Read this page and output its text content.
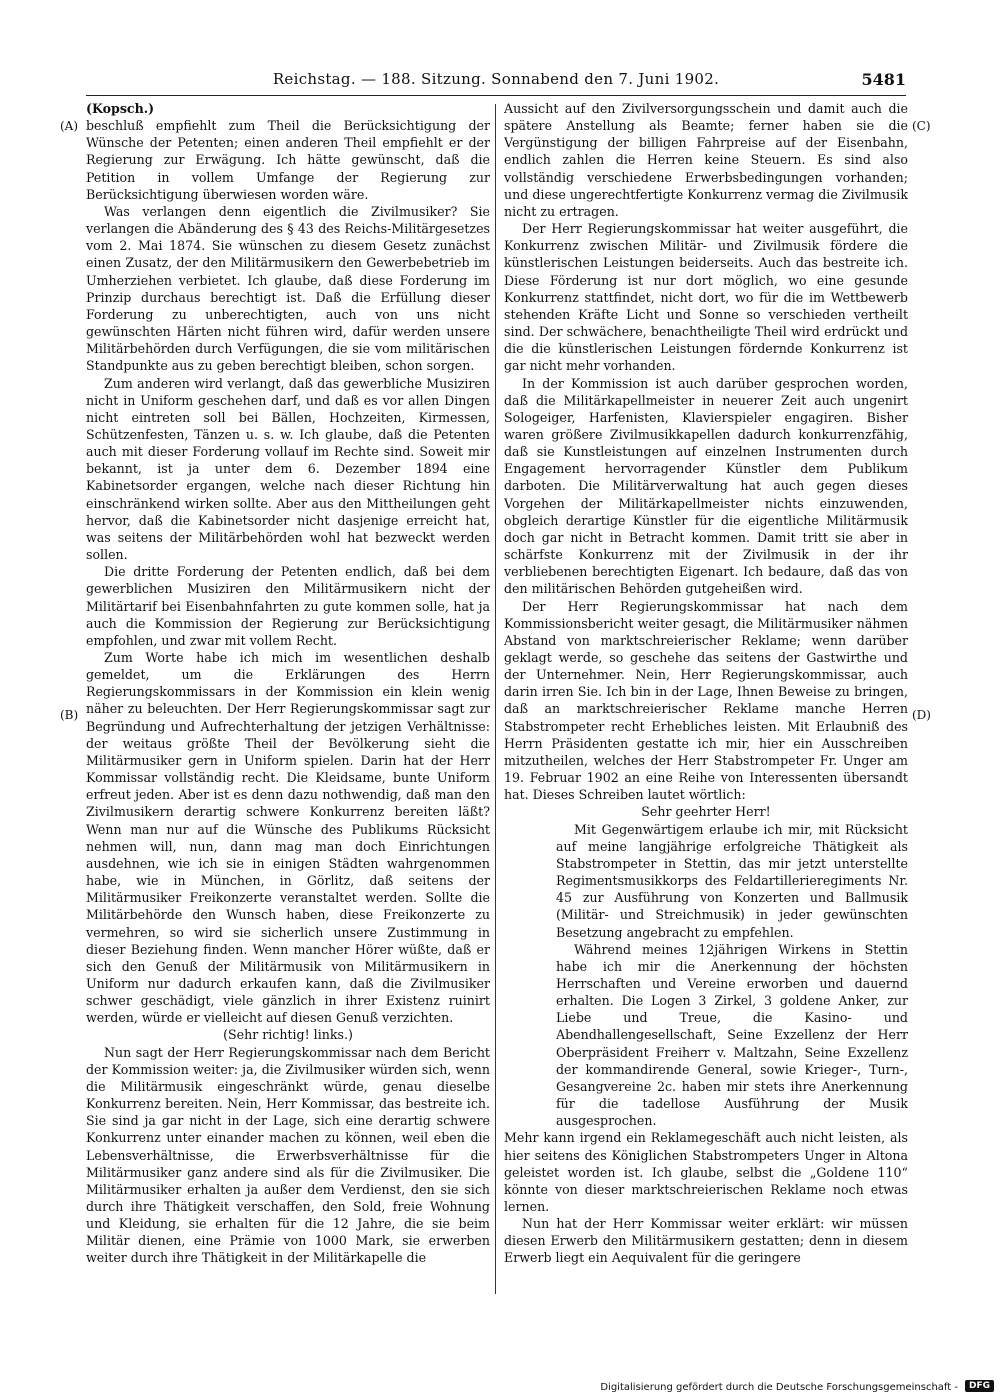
Reichstag. — 188. Sitzung. Sonnabend den 7. Juni 1902.	5481
(A)
(B)
(C)
(D)

(Kopsch.)

beschluß empfiehlt zum Theil die Berücksichtigung der Wünsche der Petenten; einen anderen Theil empfiehlt er der Regierung zur Erwägung. Ich hätte gewünscht, daß die Petition in vollem Umfange der Regierung zur Berücksichtigung überwiesen worden wäre.

Was verlangen denn eigentlich die Zivilmusiker? Sie verlangen die Abänderung des § 43 des Reichs-Militärgesetzes vom 2. Mai 1874. Sie wünschen zu diesem Gesetz zunächst einen Zusatz, der den Militärmusikern den Gewerbebetrieb im Umherziehen verbietet. Ich glaube, daß diese Forderung im Prinzip durchaus berechtigt ist. Daß die Erfüllung dieser Forderung zu unberechtigten, auch von uns nicht gewünschten Härten nicht führen wird, dafür werden unsere Militärbehörden durch Verfügungen, die sie vom militärischen Standpunkte aus zu geben berechtigt bleiben, schon sorgen.

Zum anderen wird verlangt, daß das gewerbliche Musiziren nicht in Uniform geschehen darf, und daß es vor allen Dingen nicht eintreten soll bei Bällen, Hochzeiten, Kirmessen, Schützenfesten, Tänzen u. s. w. Ich glaube, daß die Petenten auch mit dieser Forderung vollauf im Rechte sind. Soweit mir bekannt, ist ja unter dem 6. Dezember 1894 eine Kabinetsorder ergangen, welche nach dieser Richtung hin einschränkend wirken sollte. Aber aus den Mittheilungen geht hervor, daß die Kabinetsorder nicht dasjenige erreicht hat, was seitens der Militärbehörden wohl hat bezweckt werden sollen.

Die dritte Forderung der Petenten endlich, daß bei dem gewerblichen Musiziren den Militärmusikern nicht der Militärtarif bei Eisenbahnfahrten zu gute kommen solle, hat ja auch die Kommission der Regierung zur Berücksichtigung empfohlen, und zwar mit vollem Recht.

Zum Worte habe ich mich im wesentlichen deshalb gemeldet, um die Erklärungen des Herrn Regierungskommissars in der Kommission ein klein wenig näher zu beleuchten. Der Herr Regierungskommissar sagt zur Begründung und Aufrechterhaltung der jetzigen Verhältnisse: der weitaus größte Theil der Bevölkerung sieht die Militärmusiker gern in Uniform spielen. Darin hat der Herr Kommissar vollständig recht. Die Kleidsame, bunte Uniform erfreut jeden. Aber ist es denn dazu nothwendig, daß man den Zivilmusikern derartig schwere Konkurrenz bereiten läßt? Wenn man nur auf die Wünsche des Publikums Rücksicht nehmen will, nun, dann mag man doch Einrichtungen ausdehnen, wie ich sie in einigen Städten wahrgenommen habe, wie in München, in Görlitz, daß seitens der Militärmusiker Freikonzerte veranstaltet werden. Sollte die Militärbehörde den Wunsch haben, diese Freikonzerte zu vermehren, so wird sie sicherlich unsere Zustimmung in dieser Beziehung finden. Wenn mancher Hörer wüßte, daß er sich den Genuß der Militärmusik von Militärmusikern in Uniform nur dadurch erkaufen kann, daß die Zivilmusiker schwer geschädigt, viele gänzlich in ihrer Existenz ruinirt werden, würde er vielleicht auf diesen Genuß verzichten.

(Sehr richtig! links.)

Nun sagt der Herr Regierungskommissar nach dem Bericht der Kommission weiter: ja, die Zivilmusiker würden sich, wenn die Militärmusik eingeschränkt würde, genau dieselbe Konkurrenz bereiten. Nein, Herr Kommissar, das bestreite ich. Sie sind ja gar nicht in der Lage, sich eine derartig schwere Konkurrenz unter einander machen zu können, weil eben die Lebensverhältnisse, die Erwerbsverhältnisse für die Militärmusiker ganz andere sind als für die Zivilmusiker. Die Militärmusiker erhalten ja außer dem Verdienst, den sie sich durch ihre Thätigkeit verschaffen, den Sold, freie Wohnung und Kleidung, sie erhalten für die 12 Jahre, die sie beim Militär dienen, eine Prämie von 1000 Mark, sie erwerben weiter durch ihre Thätigkeit in der Militärkapelle die

Aussicht auf den Zivilversorgungsschein und damit auch die spätere Anstellung als Beamte; ferner haben sie die Vergünstigung der billigen Fahrpreise auf der Eisenbahn, endlich zahlen die Herren keine Steuern. Es sind also vollständig verschiedene Erwerbsbedingungen vorhanden; und diese ungerechtfertigte Konkurrenz vermag die Zivilmusik nicht zu ertragen.

Der Herr Regierungskommissar hat weiter ausgeführt, die Konkurrenz zwischen Militär- und Zivilmusik fördere die künstlerischen Leistungen beiderseits. Auch das bestreite ich. Diese Förderung ist nur dort möglich, wo eine gesunde Konkurrenz stattfindet, nicht dort, wo für die im Wettbewerb stehenden Kräfte Licht und Sonne so verschieden vertheilt sind. Der schwächere, benachtheiligte Theil wird erdrückt und die die künstlerischen Leistungen fördernde Konkurrenz ist gar nicht mehr vorhanden.

In der Kommission ist auch darüber gesprochen worden, daß die Militärkapellmeister in neuerer Zeit auch ungenirt Sologeiger, Harfenisten, Klavierspieler engagiren. Bisher waren größere Zivilmusikkapellen dadurch konkurrenzfähig, daß sie Kunstleistungen auf einzelnen Instrumenten durch Engagement hervorragender Künstler dem Publikum darboten. Die Militärverwaltung hat auch gegen dieses Vorgehen der Militärkapellmeister nichts einzuwenden, obgleich derartige Künstler für die eigentliche Militärmusik doch gar nicht in Betracht kommen. Damit tritt sie aber in schärfste Konkurrenz mit der Zivilmusik in der ihr verbliebenen berechtigten Eigenart. Ich bedaure, daß das von den militärischen Behörden gutgeheißen wird.

Der Herr Regierungskommissar hat nach dem Kommissionsbericht weiter gesagt, die Militärmusiker nähmen Abstand von marktschreierischer Reklame; wenn darüber geklagt werde, so geschehe das seitens der Gastwirthe und der Unternehmer. Nein, Herr Regierungskommissar, auch darin irren Sie. Ich bin in der Lage, Ihnen Beweise zu bringen, daß an marktschreierischer Reklame manche Herren Stabstrompeter recht Erhebliches leisten. Mit Erlaubniß des Herrn Präsidenten gestatte ich mir, hier ein Ausschreiben mitzutheilen, welches der Herr Stabstrompeter Fr. Unger am 19. Februar 1902 an eine Reihe von Interessenten übersandt hat. Dieses Schreiben lautet wörtlich:

Sehr geehrter Herr!

Mit Gegenwärtigem erlaube ich mir, mit Rücksicht auf meine langjährige erfolgreiche Thätigkeit als Stabstrompeter in Stettin, das mir jetzt unterstellte Regimentsmusikkorps des Feldartillerieregiments Nr. 45 zur Ausführung von Konzerten und Ballmusik (Militär- und Streichmusik) in jeder gewünschten Besetzung angebracht zu empfehlen.

Während meines 12jährigen Wirkens in Stettin habe ich mir die Anerkennung der höchsten Herrschaften und Vereine erworben und dauernd erhalten. Die Logen 3 Zirkel, 3 goldene Anker, zur Liebe und Treue, die Kasino- und Abendhallengesellschaft, Seine Exzellenz der Herr Oberpräsident Freiherr v. Maltzahn, Seine Exzellenz der kommandirende General, sowie Krieger-, Turn-, Gesangvereine 2c. haben mir stets ihre Anerkennung für die tadellose Ausführung der Musik ausgesprochen.

Mehr kann irgend ein Reklamegeschäft auch nicht leisten, als hier seitens des Königlichen Stabstrompeters Unger in Altona geleistet worden ist. Ich glaube, selbst die „Goldene 110“ könnte von dieser marktschreierischen Reklame noch etwas lernen.

Nun hat der Herr Kommissar weiter erklärt: wir müssen diesen Erwerb den Militärmusikern gestatten; denn in diesem Erwerb liegt ein Aequivalent für die geringere

Digitalisierung gefördert durch die Deutsche Forschungsgemeinschaft -	DFG
